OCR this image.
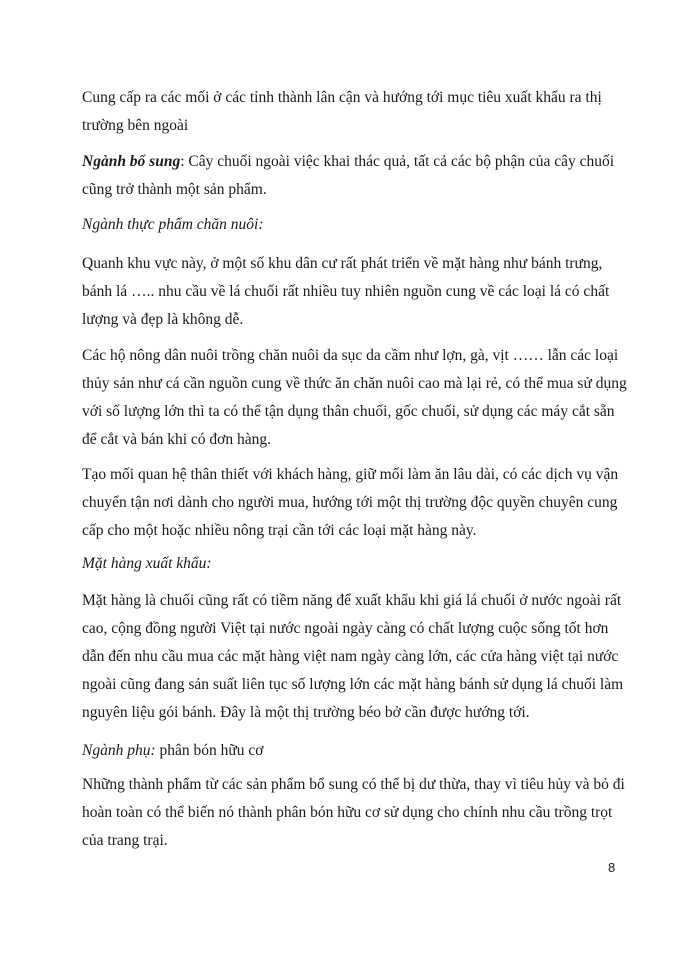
Cung cấp ra các mối ở các tỉnh thành lân cận và hướng tới mục tiêu xuất khẩu ra thị trường bên ngoài

Ngành bổ sung: Cây chuối ngoài việc khai thác quả, tất cả các bộ phận của cây chuối cũng trở thành một sản phẩm.

Ngành thực phẩm chăn nuôi:

Quanh khu vực này, ở một số khu dân cư rất phát triển về mặt hàng như bánh trưng, bánh lá ….. nhu cầu về lá chuối rất nhiều tuy nhiên nguồn cung về các loại lá có chất lượng và đẹp là không dễ.

Các hộ nông dân nuôi trồng chăn nuôi da sục da cầm như lợn, gà, vịt …… lẫn các loại thủy sản như cá cần nguồn cung về thức ăn chăn nuôi cao mà lại rẻ, có thể mua sử dụng với số lượng lớn thì ta có thể tận dụng thân chuối, gốc chuối, sử dụng các máy cắt sẵn để cắt và bán khi có đơn hàng.

Tạo mối quan hệ thân thiết với khách hàng, giữ mối làm ăn lâu dài, có các dịch vụ vận chuyển tận nơi dành cho người mua, hướng tới một thị trường độc quyền chuyên cung cấp cho một hoặc nhiều nông trại cần tới các loại mặt hàng này.

Mặt hàng xuất khẩu:

Mặt hàng là chuối cũng rất có tiềm năng để xuất khẩu khi giá lá chuối ở nước ngoài rất cao, cộng đồng người Việt tại nước ngoài ngày càng có chất lượng cuộc sống tốt hơn dẫn đến nhu cầu mua các mặt hàng việt nam ngày càng lớn, các cửa hàng việt tại nước ngoài cũng đang sản suất liên tục số lượng lớn các mặt hàng bánh sử dụng lá chuối làm nguyên liệu gói bánh. Đây là một thị trường béo bở cần được hướng tới.

Ngành phụ: phân bón hữu cơ

Những thành phẩm từ các sản phẩm bổ sung có thể bị dư thừa, thay vì tiêu hủy và bỏ đi hoàn toàn có thể biến nó thành phân bón hữu cơ sử dụng cho chính nhu cầu trồng trọt của trang trại.

8
